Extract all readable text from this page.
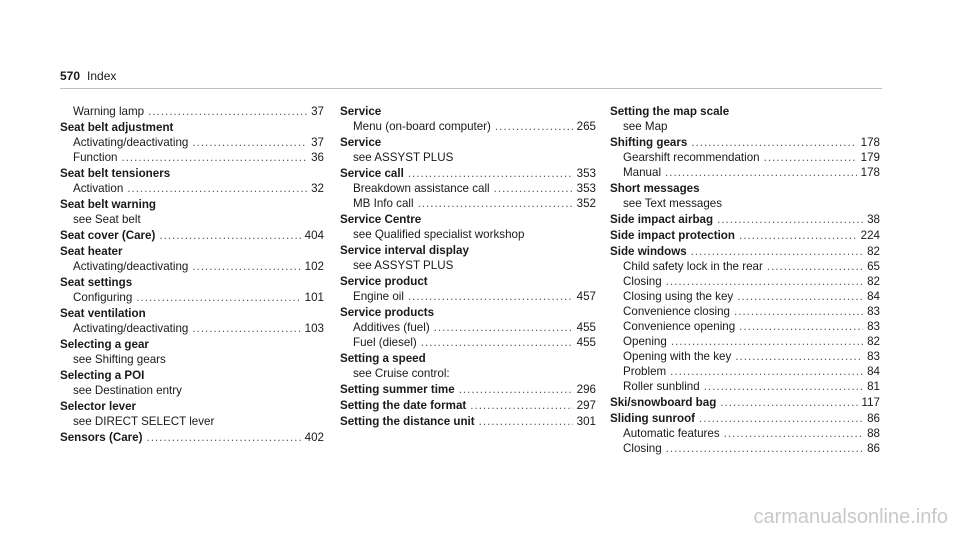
570 Index
Warning lamp .....	37
Seat belt adjustment
Activating/deactivating .....	37
Function .....	36
Seat belt tensioners
Activation .....	32
Seat belt warning
see Seat belt
Seat cover (Care) .....	404
Seat heater
Activating/deactivating .....	102
Seat settings
Configuring .....	101
Seat ventilation
Activating/deactivating .....	103
Selecting a gear
see Shifting gears
Selecting a POI
see Destination entry
Selector lever
see DIRECT SELECT lever
Sensors (Care) .....	402
Service
Menu (on-board computer) .....	265
Service
see ASSYST PLUS
Service call .....	353
Breakdown assistance call .....	353
MB Info call .....	352
Service Centre
see Qualified specialist workshop
Service interval display
see ASSYST PLUS
Service product
Engine oil .....	457
Service products
Additives (fuel) .....	455
Fuel (diesel) .....	455
Setting a speed
see Cruise control:
Setting summer time .....	296
Setting the date format .....	297
Setting the distance unit .....	301
Setting the map scale
see Map
Shifting gears .....	178
Gearshift recommendation .....	179
Manual .....	178
Short messages
see Text messages
Side impact airbag .....	38
Side impact protection .....	224
Side windows .....	82
Child safety lock in the rear .....	65
Closing .....	82
Closing using the key .....	84
Convenience closing .....	83
Convenience opening .....	83
Opening .....	82
Opening with the key .....	83
Problem .....	84
Roller sunblind .....	81
Ski/snowboard bag .....	117
Sliding sunroof .....	86
Automatic features .....	88
Closing .....	86
carmanualsonline.info
